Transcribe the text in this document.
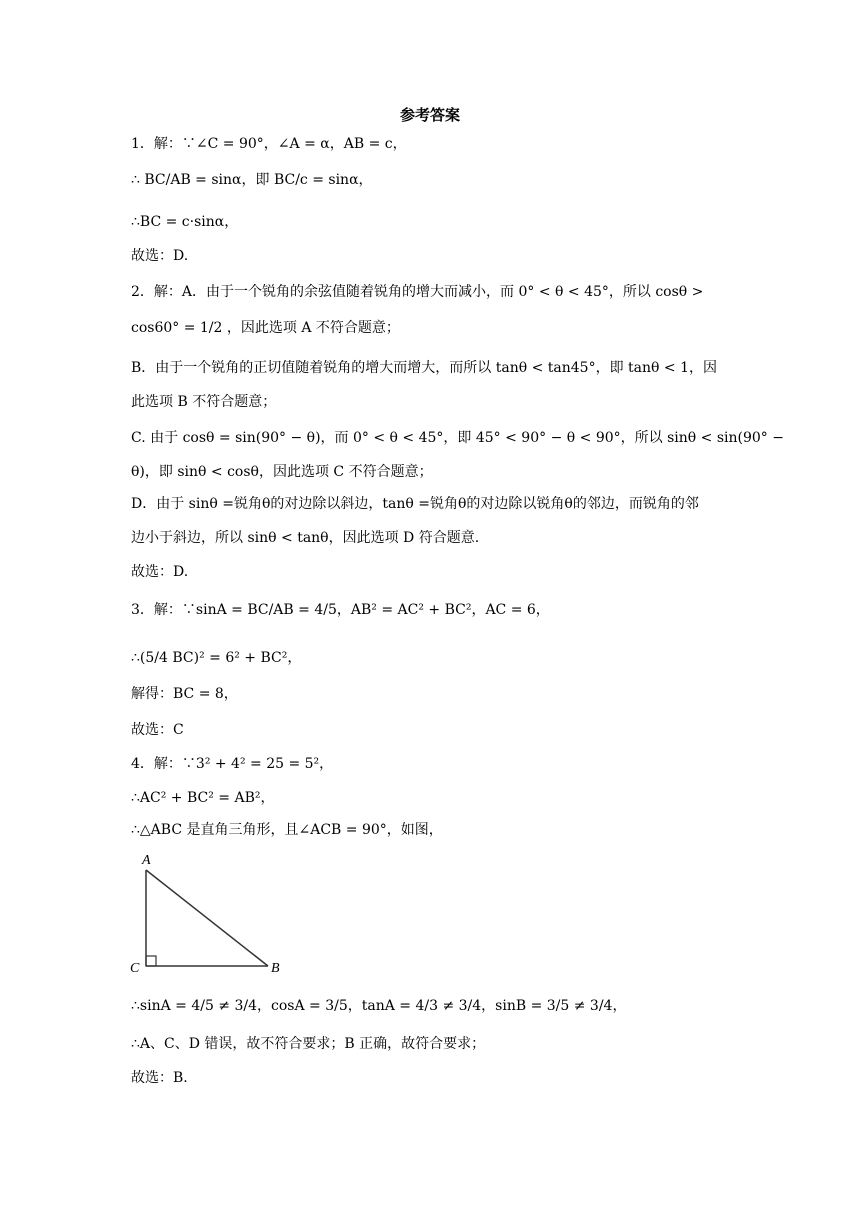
参考答案
1．解：∵∠C = 90°，∠A = α，AB = c，
∴ BC/AB = sinα，即 BC/c = sinα，
∴BC = c·sinα，
故选：D.
2．解：A．由于一个锐角的余弦值随着锐角的增大而减小，而 0° < θ < 45°，所以 cosθ >
cos60° = 1/2 ，因此选项 A 不符合题意；
B．由于一个锐角的正切值随着锐角的增大而增大，而所以 tanθ < tan45°，即 tanθ < 1，因
此选项 B 不符合题意；
C. 由于 cosθ = sin(90° − θ)，而 0° < θ < 45°，即 45° < 90° − θ < 90°，所以 sinθ < sin(90° −
θ)，即 sinθ < cosθ，因此选项 C 不符合题意；
D．由于 sinθ =锐角θ的对边除以斜边，tanθ =锐角θ的对边除以锐角θ的邻边，而锐角的邻
边小于斜边，所以 sinθ < tanθ，因此选项 D 符合题意.
故选：D.
3．解：∵sinA = BC/AB = 4/5，AB² = AC² + BC²，AC = 6，
∴(5/4 BC)² = 6² + BC²，
解得：BC = 8，
故选：C
4．解：∵3² + 4² = 25 = 5²，
∴AC² + BC² = AB²，
∴△ABC 是直角三角形，且∠ACB = 90°，如图，
A
C	B
∴sinA = 4/5 ≠ 3/4，cosA = 3/5，tanA = 4/3 ≠ 3/4，sinB = 3/5 ≠ 3/4，
∴A、C、D 错误，故不符合要求；B 正确，故符合要求；
故选：B.
